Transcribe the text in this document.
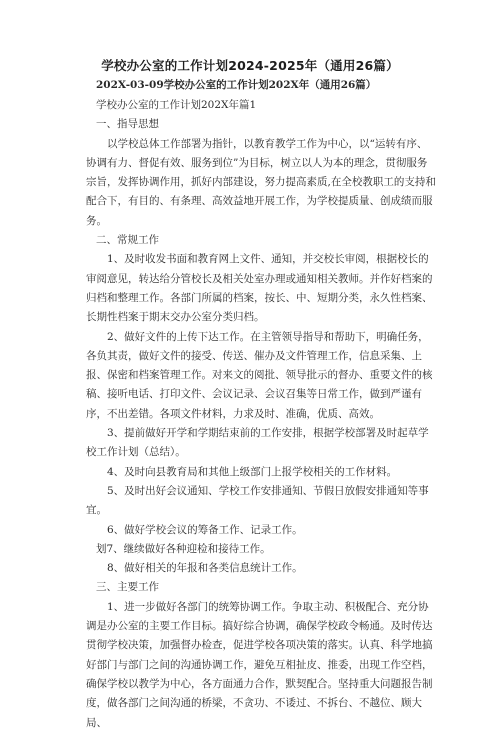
学校办公室的工作计划2024-2025年（通用26篇）
202X-03-09学校办公室的工作计划202X年（通用26篇）

学校办公室的工作计划202X年篇1

一、指导思想

以学校总体工作部署为指针，以教育教学工作为中心，以“运转有序、协调有力、督促有效、服务到位”为目标，树立以人为本的理念，贯彻服务宗旨，发挥协调作用，抓好内部建设，努力提高素质,在全校教职工的支持和配合下，有目的、有条理、高效益地开展工作，为学校提质量、创成绩而服务。

二、常规工作

1、及时收发书面和教育网上文件、通知，并交校长审阅，根据校长的审阅意见，转达给分管校长及相关处室办理或通知相关教师。并作好档案的归档和整理工作。各部门所属的档案，按长、中、短期分类，永久性档案、长期性档案于期末交办公室分类归档。

2、做好文件的上传下达工作。在主管领导指导和帮助下，明确任务，各负其责，做好文件的接受、传送、催办及文件管理工作，信息采集、上报、保密和档案管理工作。对来文的阅批、领导批示的督办、重要文件的核稿、接听电话、打印文件、会议记录、会议召集等日常工作，做到严谨有序，不出差错。各项文件材料，力求及时、准确，优质、高效。

3、提前做好开学和学期结束前的工作安排，根据学校部署及时起草学校工作计划（总结）。

4、及时向县教育局和其他上级部门上报学校相关的工作材料。

5、及时出好会议通知、学校工作安排通知、节假日放假安排通知等事宜。

6、做好学校会议的筹备工作、记录工作。

划7、继续做好各种迎检和接待工作。

8、做好相关的年报和各类信息统计工作。

三、主要工作

1、进一步做好各部门的统筹协调工作。争取主动、积极配合、充分协调是办公室的主要工作目标。搞好综合协调，确保学校政令畅通。及时传达贯彻学校决策，加强督办检查，促进学校各项决策的落实。认真、科学地搞好部门与部门之间的沟通协调工作，避免互相扯皮、推委，出现工作空档，确保学校以教学为中心，各方面通力合作，默契配合。坚持重大问题报告制度，做各部门之间沟通的桥梁，不贪功、不诿过、不拆台、不越位、顾大局、
